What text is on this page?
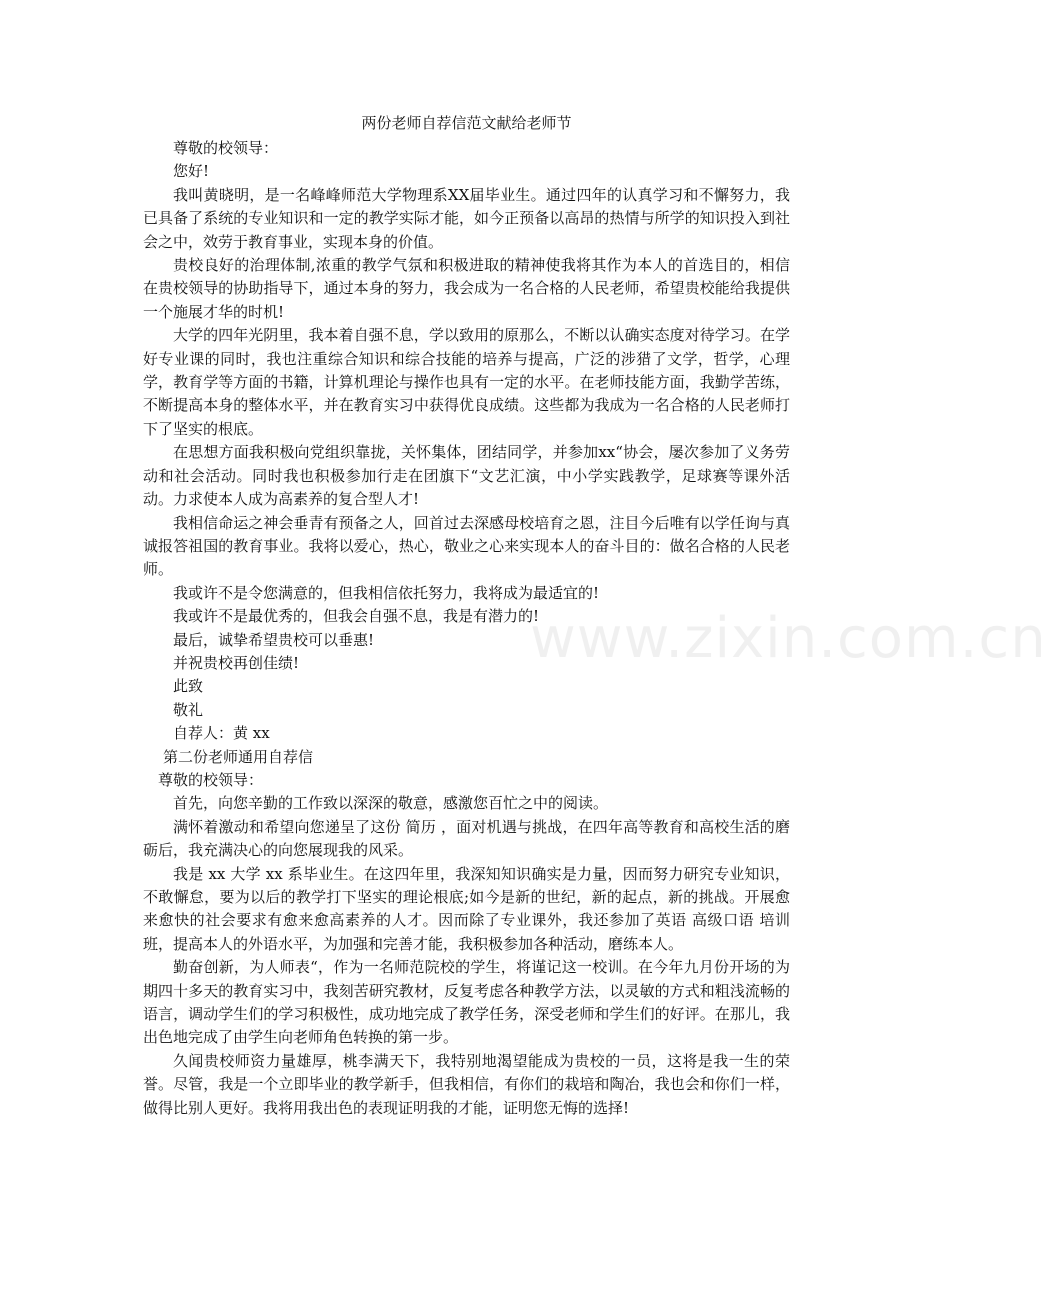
www.zixin.com.cn
两份老师自荐信范文献给老师节
尊敬的校领导：
您好!

我叫黄晓明，是一名峰峰师范大学物理系XX届毕业生。通过四年的认真学习和不懈努力，我已具备了系统的专业知识和一定的教学实际才能，如今正预备以高昂的热情与所学的知识投入到社会之中，效劳于教育事业，实现本身的价值。

贵校良好的治理体制,浓重的教学气氛和积极进取的精神使我将其作为本人的首选目的，相信在贵校领导的协助指导下，通过本身的努力，我会成为一名合格的人民老师，希望贵校能给我提供一个施展才华的时机!

大学的四年光阴里，我本着自强不息，学以致用的原那么，不断以认确实态度对待学习。在学好专业课的同时，我也注重综合知识和综合技能的培养与提高，广泛的涉猎了文学，哲学，心理学，教育学等方面的书籍，计算机理论与操作也具有一定的水平。在老师技能方面，我勤学苦练，不断提高本身的整体水平，并在教育实习中获得优良成绩。这些都为我成为一名合格的人民老师打下了坚实的根底。

在思想方面我积极向党组织靠拢，关怀集体，团结同学，并参加xx“协会，屡次参加了义务劳动和社会活动。同时我也积极参加行走在团旗下“文艺汇演，中小学实践教学，足球赛等课外活动。力求使本人成为高素养的复合型人才!

我相信命运之神会垂青有预备之人，回首过去深感母校培育之恩，注目今后唯有以学任询与真诚报答祖国的教育事业。我将以爱心，热心，敬业之心来实现本人的奋斗目的：做名合格的人民老师。

我或许不是令您满意的，但我相信依托努力，我将成为最适宜的!
我或许不是最优秀的，但我会自强不息，我是有潜力的!
最后，诚挚希望贵校可以垂惠!
并祝贵校再创佳绩!
此致
敬礼
自荐人：黄 xx
第二份老师通用自荐信
尊敬的校领导：

首先，向您辛勤的工作致以深深的敬意，感激您百忙之中的阅读。

满怀着激动和希望向您递呈了这份 简历 ，面对机遇与挑战，在四年高等教育和高校生活的磨砺后，我充满决心的向您展现我的风采。

我是 xx 大学 xx 系毕业生。在这四年里，我深知知识确实是力量，因而努力研究专业知识，不敢懈怠，要为以后的教学打下坚实的理论根底;如今是新的世纪，新的起点，新的挑战。开展愈来愈快的社会要求有愈来愈高素养的人才。因而除了专业课外，我还参加了英语 高级口语 培训 班，提高本人的外语水平，为加强和完善才能，我积极参加各种活动，磨练本人。

勤奋创新，为人师表“，作为一名师范院校的学生，将谨记这一校训。在今年九月份开场的为期四十多天的教育实习中，我刻苦研究教材，反复考虑各种教学方法，以灵敏的方式和粗浅流畅的语言，调动学生们的学习积极性，成功地完成了教学任务，深受老师和学生们的好评。在那儿，我出色地完成了由学生向老师角色转换的第一步。

久闻贵校师资力量雄厚，桃李满天下，我特别地渴望能成为贵校的一员，这将是我一生的荣誉。尽管，我是一个立即毕业的教学新手，但我相信，有你们的栽培和陶冶，我也会和你们一样，做得比别人更好。我将用我出色的表现证明我的才能，证明您无悔的选择!
